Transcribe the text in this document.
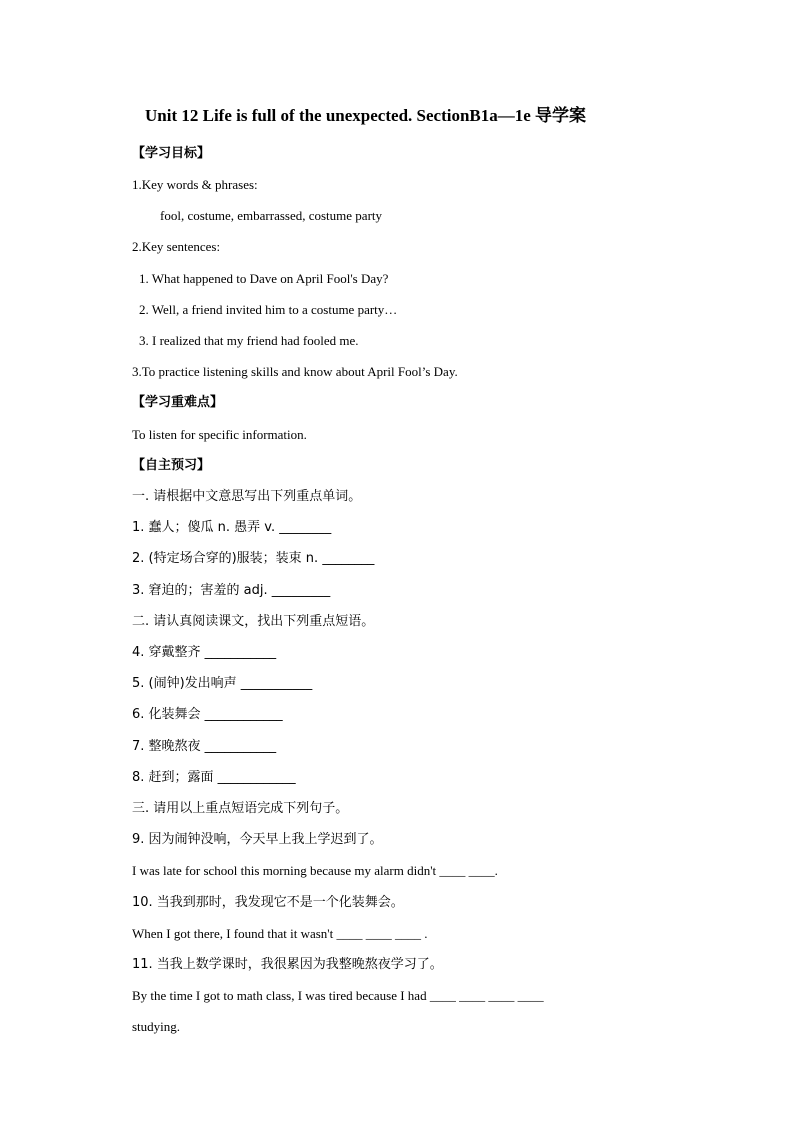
Unit 12 Life is full of the unexpected. SectionB1a—1e 导学案
【学习目标】
1.Key words & phrases:
fool, costume, embarrassed, costume party
2.Key sentences:
1. What happened to Dave on April Fool's Day?
2. Well, a friend invited him to a costume party…
3. I realized that my friend had fooled me.
3.To practice listening skills and know about April Fool’s Day.
【学习重难点】
To listen for specific information.
【自主预习】
一. 请根据中文意思写出下列重点单词。
1. 蠢人；傻瓜 n. 愚弄 v. ________
2. (特定场合穿的)服装；装束 n. ________
3. 窘迫的；害羞的 adj. _________
二. 请认真阅读课文，找出下列重点短语。
4. 穿戴整齐 ___________
5. (闹钟)发出响声 ___________
6. 化装舞会 ____________
7. 整晚熬夜 ___________
8. 赶到；露面 ____________
三. 请用以上重点短语完成下列句子。
9. 因为闹钟没响，今天早上我上学迟到了。
I was late for school this morning because my alarm didn't ____ ____.
10. 当我到那时，我发现它不是一个化装舞会。
When I got there, I found that it wasn't ____ ____ ____ .
11. 当我上数学课时，我很累因为我整晚熬夜学习了。
By the time I got to math class, I was tired because I had ____ ____ ____ ____
studying.
